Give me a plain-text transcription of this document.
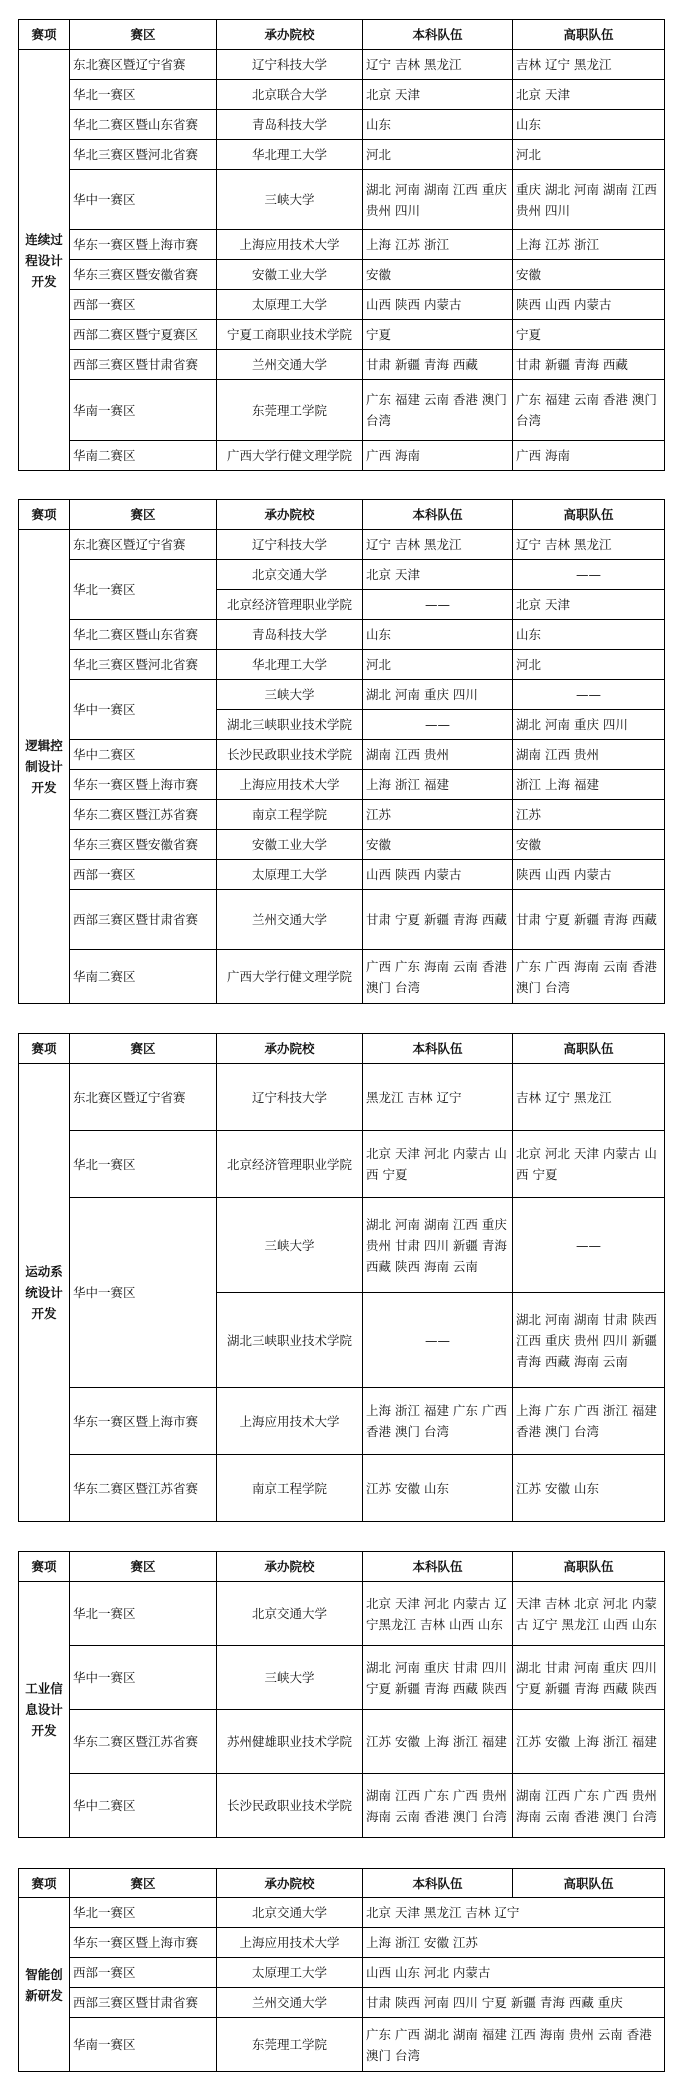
赛项	赛区	承办院校	本科队伍	高职队伍
连续过程设计开发	东北赛区暨辽宁省赛	辽宁科技大学	辽宁 吉林 黑龙江	吉林 辽宁 黑龙江
	华北一赛区	北京联合大学	北京 天津	北京 天津
	华北二赛区暨山东省赛	青岛科技大学	山东	山东
	华北三赛区暨河北省赛	华北理工大学	河北	河北
	华中一赛区	三峡大学	湖北 河南 湖南 江西 重庆 贵州 四川	重庆 湖北 河南 湖南 江西 贵州 四川
	华东一赛区暨上海市赛	上海应用技术大学	上海 江苏 浙江	上海 江苏 浙江
	华东三赛区暨安徽省赛	安徽工业大学	安徽	安徽
	西部一赛区	太原理工大学	山西 陕西 内蒙古	陕西 山西 内蒙古
	西部二赛区暨宁夏赛区	宁夏工商职业技术学院	宁夏	宁夏
	西部三赛区暨甘肃省赛	兰州交通大学	甘肃 新疆 青海 西藏	甘肃 新疆 青海 西藏
	华南一赛区	东莞理工学院	广东 福建 云南 香港 澳门 台湾	广东 福建 云南 香港 澳门 台湾
	华南二赛区	广西大学行健文理学院	广西 海南	广西 海南
赛项	赛区	承办院校	本科队伍	高职队伍
逻辑控制设计开发	东北赛区暨辽宁省赛	辽宁科技大学	辽宁 吉林 黑龙江	辽宁 吉林 黑龙江
	华北一赛区	北京交通大学	北京 天津	——
		北京经济管理职业学院	——	北京 天津
	华北二赛区暨山东省赛	青岛科技大学	山东	山东
	华北三赛区暨河北省赛	华北理工大学	河北	河北
	华中一赛区	三峡大学	湖北 河南 重庆 四川	——
		湖北三峡职业技术学院	——	湖北 河南 重庆 四川
	华中二赛区	长沙民政职业技术学院	湖南 江西 贵州	湖南 江西 贵州
	华东一赛区暨上海市赛	上海应用技术大学	上海 浙江 福建	浙江 上海 福建
	华东二赛区暨江苏省赛	南京工程学院	江苏	江苏
	华东三赛区暨安徽省赛	安徽工业大学	安徽	安徽
	西部一赛区	太原理工大学	山西 陕西 内蒙古	陕西 山西 内蒙古
	西部三赛区暨甘肃省赛	兰州交通大学	甘肃 宁夏 新疆 青海 西藏	甘肃 宁夏 新疆 青海 西藏
	华南二赛区	广西大学行健文理学院	广西 广东 海南 云南 香港 澳门 台湾	广东 广西 海南 云南 香港 澳门 台湾
赛项	赛区	承办院校	本科队伍	高职队伍
运动系统设计开发	东北赛区暨辽宁省赛	辽宁科技大学	黑龙江 吉林 辽宁	吉林 辽宁 黑龙江
	华北一赛区	北京经济管理职业学院	北京 天津 河北 内蒙古 山西 宁夏	北京 河北 天津 内蒙古 山西 宁夏
	华中一赛区	三峡大学	湖北 河南 湖南 江西 重庆 贵州 甘肃 四川 新疆 青海 西藏 陕西 海南 云南	——
		湖北三峡职业技术学院	——	湖北 河南 湖南 甘肃 陕西 江西 重庆 贵州 四川 新疆 青海 西藏 海南 云南
	华东一赛区暨上海市赛	上海应用技术大学	上海 浙江 福建 广东 广西 香港 澳门 台湾	上海 广东 广西 浙江 福建 香港 澳门 台湾
	华东二赛区暨江苏省赛	南京工程学院	江苏 安徽 山东	江苏 安徽 山东
赛项	赛区	承办院校	本科队伍	高职队伍
工业信息设计开发	华北一赛区	北京交通大学	北京 天津 河北 内蒙古 辽宁黑龙江 吉林 山西 山东	天津 吉林 北京 河北 内蒙古 辽宁 黑龙江 山西 山东
	华中一赛区	三峡大学	湖北 河南 重庆 甘肃 四川 宁夏 新疆 青海 西藏 陕西	湖北 甘肃 河南 重庆 四川 宁夏 新疆 青海 西藏 陕西
	华东二赛区暨江苏省赛	苏州健雄职业技术学院	江苏 安徽 上海 浙江 福建	江苏 安徽 上海 浙江 福建
	华中二赛区	长沙民政职业技术学院	湖南 江西 广东 广西 贵州 海南 云南 香港 澳门 台湾	湖南 江西 广东 广西 贵州 海南 云南 香港 澳门 台湾
赛项	赛区	承办院校	本科队伍	高职队伍
智能创新研发	华北一赛区	北京交通大学	北京 天津 黑龙江 吉林 辽宁	
	华东一赛区暨上海市赛	上海应用技术大学	上海 浙江 安徽 江苏	
	西部一赛区	太原理工大学	山西 山东 河北 内蒙古	
	西部三赛区暨甘肃省赛	兰州交通大学	甘肃 陕西 河南 四川 宁夏 新疆 青海 西藏 重庆	
	华南一赛区	东莞理工学院	广东 广西 湖北 湖南 福建 江西 海南 贵州 云南 香港 澳门 台湾	
